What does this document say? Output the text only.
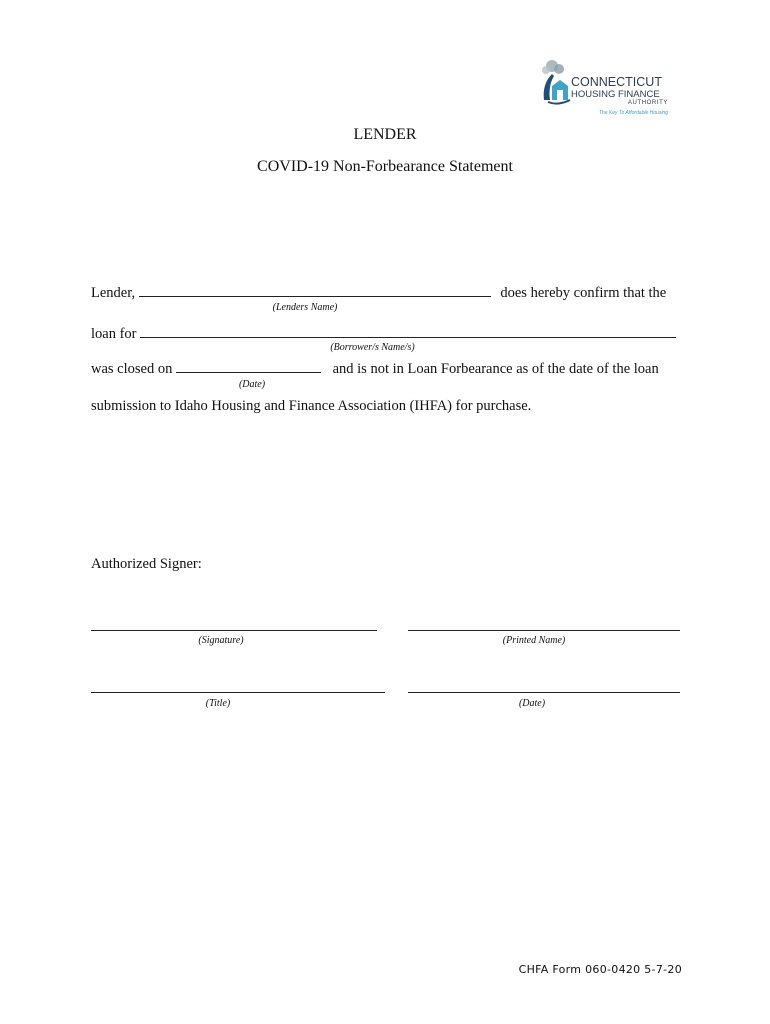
CONNECTICUT
HOUSING FINANCE
AUTHORITY
The Key To Affordable Housing
LENDER
COVID-19 Non-Forbearance Statement
Lender,	does hereby confirm that the
(Lenders Name)
loan for
(Borrower/s Name/s)
was closed on	and is not in Loan Forbearance as of the date of the loan
(Date)
submission to Idaho Housing and Finance Association (IHFA) for purchase.
Authorized Signer:
(Signature)	(Printed Name)
(Title)	(Date)
CHFA Form 060-0420 5-7-20
